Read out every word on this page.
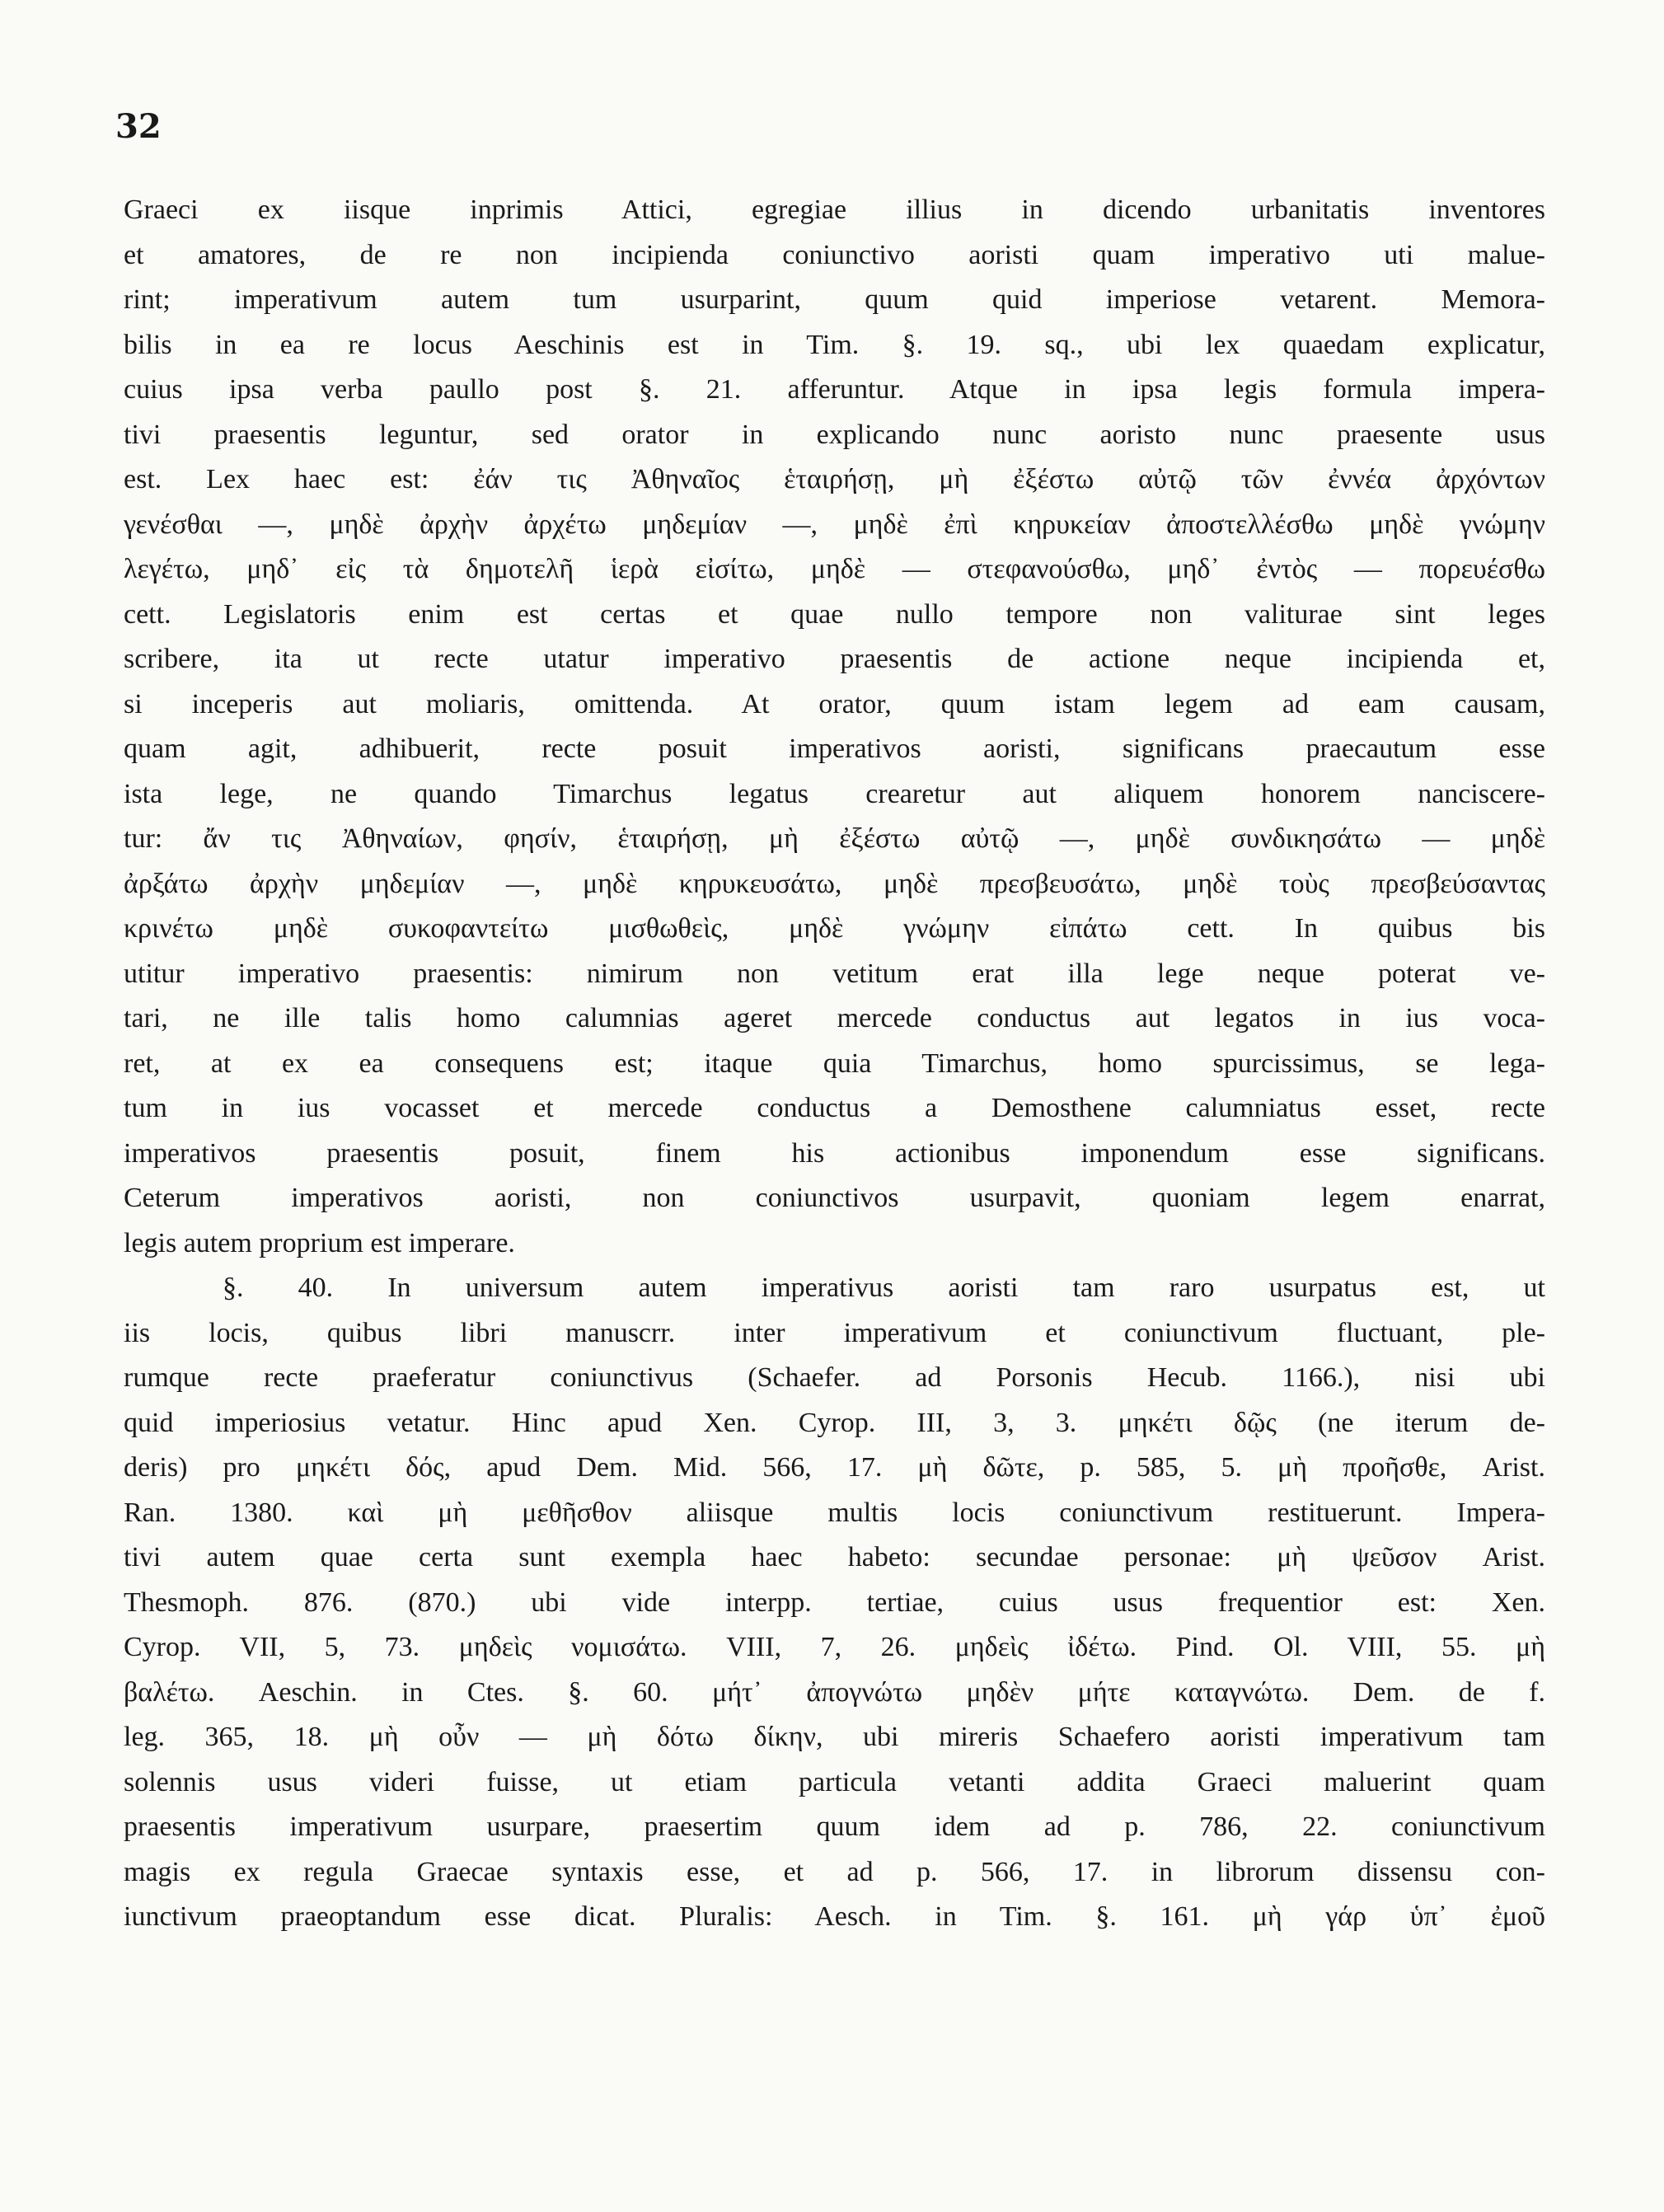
32
Graeci ex iisque inprimis Attici, egregiae illius in dicendo urbanitatis inventores
et amatores, de re non incipienda coniunctivo aoristi quam imperativo uti malue-
rint; imperativum autem tum usurparint, quum quid imperiose vetarent. Memora-
bilis in ea re locus Aeschinis est in Tim. §. 19. sq., ubi lex quaedam explicatur,
cuius ipsa verba paullo post §. 21. afferuntur. Atque in ipsa legis formula impera-
tivi praesentis leguntur, sed orator in explicando nunc aoristo nunc praesente usus
est. Lex haec est: ἐάν τις Ἀθηναῖος ἑταιρήσῃ, μὴ ἐξέστω αὐτῷ τῶν ἐννέα ἀρχόντων
γενέσθαι —, μηδὲ ἀρχὴν ἀρχέτω μηδεμίαν —, μηδὲ ἐπὶ κηρυκείαν ἀποστελλέσθω μηδὲ γνώμην
λεγέτω, μηδ᾽ εἰς τὰ δημοτελῆ ἱερὰ εἰσίτω, μηδὲ — στεφανούσθω, μηδ᾽ ἐντὸς — πορευέσθω
cett. Legislatoris enim est certas et quae nullo tempore non valiturae sint leges
scribere, ita ut recte utatur imperativo praesentis de actione neque incipienda et,
si inceperis aut moliaris, omittenda. At orator, quum istam legem ad eam causam,
quam agit, adhibuerit, recte posuit imperativos aoristi, significans praecautum esse
ista lege, ne quando Timarchus legatus crearetur aut aliquem honorem nanciscere-
tur: ἄν τις Ἀθηναίων, φησίν, ἑταιρήσῃ, μὴ ἐξέστω αὐτῷ —, μηδὲ συνδικησάτω — μηδὲ
ἀρξάτω ἀρχὴν μηδεμίαν —, μηδὲ κηρυκευσάτω, μηδὲ πρεσβευσάτω, μηδὲ τοὺς πρεσβεύσαντας
κρινέτω μηδὲ συκοφαντείτω μισθωθεὶς, μηδὲ γνώμην εἰπάτω cett. In quibus bis
utitur imperativo praesentis: nimirum non vetitum erat illa lege neque poterat ve-
tari, ne ille talis homo calumnias ageret mercede conductus aut legatos in ius voca-
ret, at ex ea consequens est; itaque quia Timarchus, homo spurcissimus, se lega-
tum in ius vocasset et mercede conductus a Demosthene calumniatus esset, recte
imperativos praesentis posuit, finem his actionibus imponendum esse significans.
Ceterum imperativos aoristi, non coniunctivos usurpavit, quoniam legem enarrat,
legis autem proprium est imperare.
§. 40. In universum autem imperativus aoristi tam raro usurpatus est, ut
iis locis, quibus libri manuscrr. inter imperativum et coniunctivum fluctuant, ple-
rumque recte praeferatur coniunctivus (Schaefer. ad Porsonis Hecub. 1166.), nisi ubi
quid imperiosius vetatur. Hinc apud Xen. Cyrop. III, 3, 3. μηκέτι δῷς (ne iterum de-
deris) pro μηκέτι δός, apud Dem. Mid. 566, 17. μὴ δῶτε, p. 585, 5. μὴ προῆσθε, Arist.
Ran. 1380. καὶ μὴ μεθῆσθον aliisque multis locis coniunctivum restituerunt. Impera-
tivi autem quae certa sunt exempla haec habeto: secundae personae: μὴ ψεῦσον Arist.
Thesmoph. 876. (870.) ubi vide interpp. tertiae, cuius usus frequentior est: Xen.
Cyrop. VII, 5, 73. μηδεὶς νομισάτω. VIII, 7, 26. μηδεὶς ἰδέτω. Pind. Ol. VIII, 55. μὴ
βαλέτω. Aeschin. in Ctes. §. 60. μήτ᾽ ἀπογνώτω μηδὲν μήτε καταγνώτω. Dem. de f.
leg. 365, 18. μὴ οὖν — μὴ δότω δίκην, ubi mireris Schaefero aoristi imperativum tam
solennis usus videri fuisse, ut etiam particula vetanti addita Graeci maluerint quam
praesentis imperativum usurpare, praesertim quum idem ad p. 786, 22. coniunctivum
magis ex regula Graecae syntaxis esse, et ad p. 566, 17. in librorum dissensu con-
iunctivum praeoptandum esse dicat. Pluralis: Aesch. in Tim. §. 161. μὴ γάρ ὑπ᾽ ἐμοῦ
